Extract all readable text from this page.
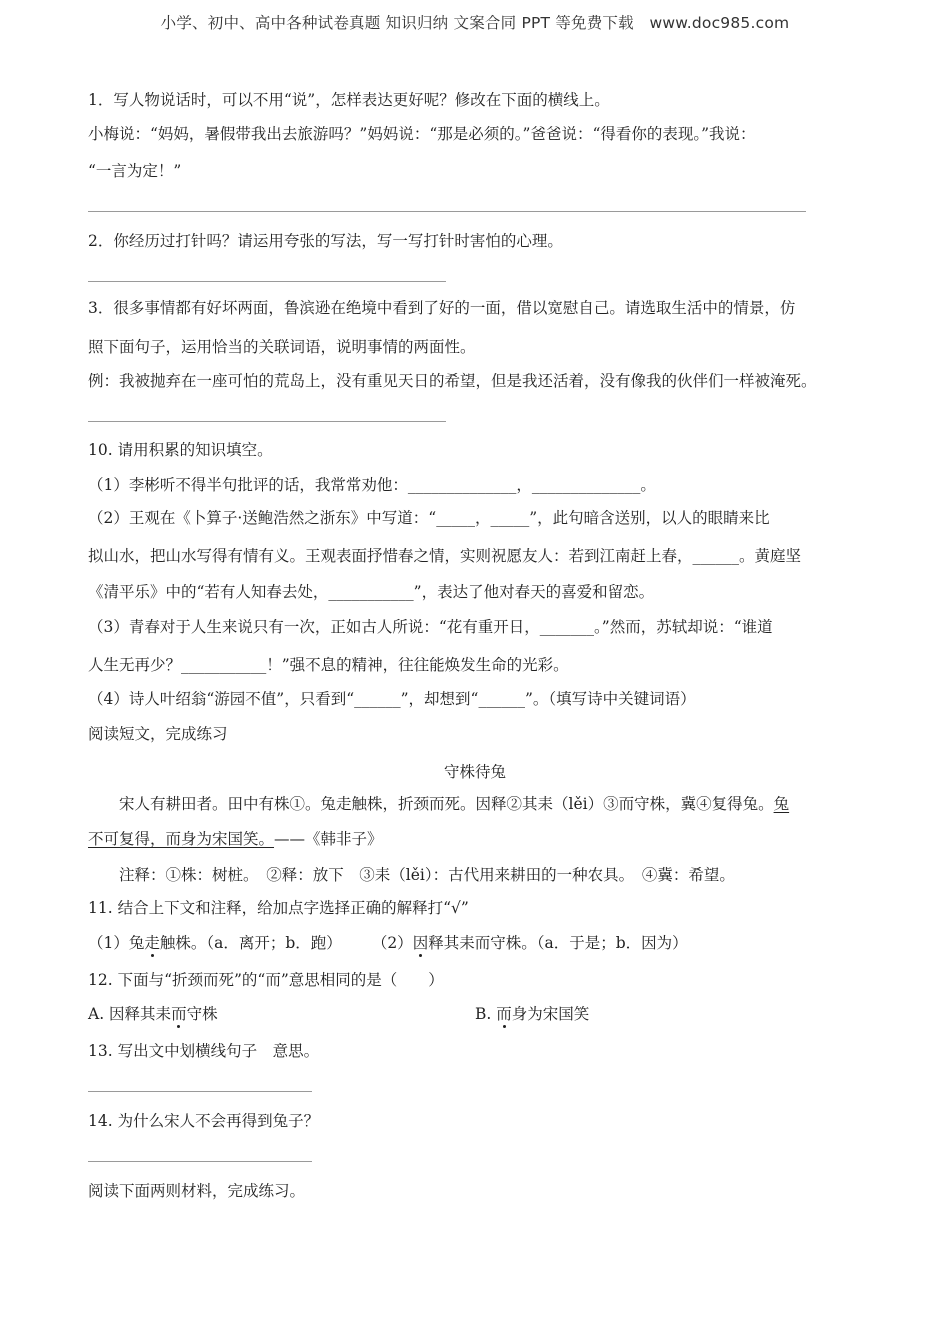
小学、初中、高中各种试卷真题 知识归纳 文案合同 PPT 等免费下载　www.doc985.com
1．写人物说话时，可以不用“说”，怎样表达更好呢？修改在下面的横线上。
小梅说：“妈妈，暑假带我出去旅游吗？”妈妈说：“那是必须的。”爸爸说：“得看你的表现。”我说：
“一言为定！”
2．你经历过打针吗？请运用夸张的写法，写一写打针时害怕的心理。
3．很多事情都有好坏两面，鲁滨逊在绝境中看到了好的一面，借以宽慰自己。请选取生活中的情景，仿
照下面句子，运用恰当的关联词语，说明事情的两面性。
例：我被抛弃在一座可怕的荒岛上，没有重见天日的希望，但是我还活着，没有像我的伙伴们一样被淹死。
10. 请用积累的知识填空。
（1）李彬听不得半句批评的话，我常常劝他：______________，______________。
（2）王观在《卜算子·送鲍浩然之浙东》中写道：“_____，_____”，此句暗含送别，以人的眼睛来比
拟山水，把山水写得有情有义。王观表面抒惜春之情，实则祝愿友人：若到江南赶上春，______。黄庭坚
《清平乐》中的“若有人知春去处，___________”，表达了他对春天的喜爱和留恋。
（3）青春对于人生来说只有一次，正如古人所说：“花有重开日，_______。”然而，苏轼却说：“谁道
人生无再少？___________！”强不息的精神，往往能焕发生命的光彩。
（4）诗人叶绍翁“游园不值”，只看到“______”，却想到“______”。（填写诗中关键词语）
阅读短文，完成练习
守株待兔
宋人有耕田者。田中有株①。兔走触株，折颈而死。因释②其耒（lěi）③而守株，冀④复得兔。兔
不可复得，而身为宋国笑。——《韩非子》
注释：①株：树桩。　②释：放下　③耒（lěi）：古代用来耕田的一种农具。　④冀：希望。
11. 结合上下文和注释，给加点字选择正确的解释打“√”
（1）兔走触株。（a．离开；b．跑） （2）因释其耒而守株。（a．于是；b．因为）
12. 下面与“折颈而死”的“而”意思相同的是（　　）
A. 因释其耒而守株	B. 而身为宋国笑
13. 写出文中划横线句子　意思。
14. 为什么宋人不会再得到兔子？
阅读下面两则材料，完成练习。
